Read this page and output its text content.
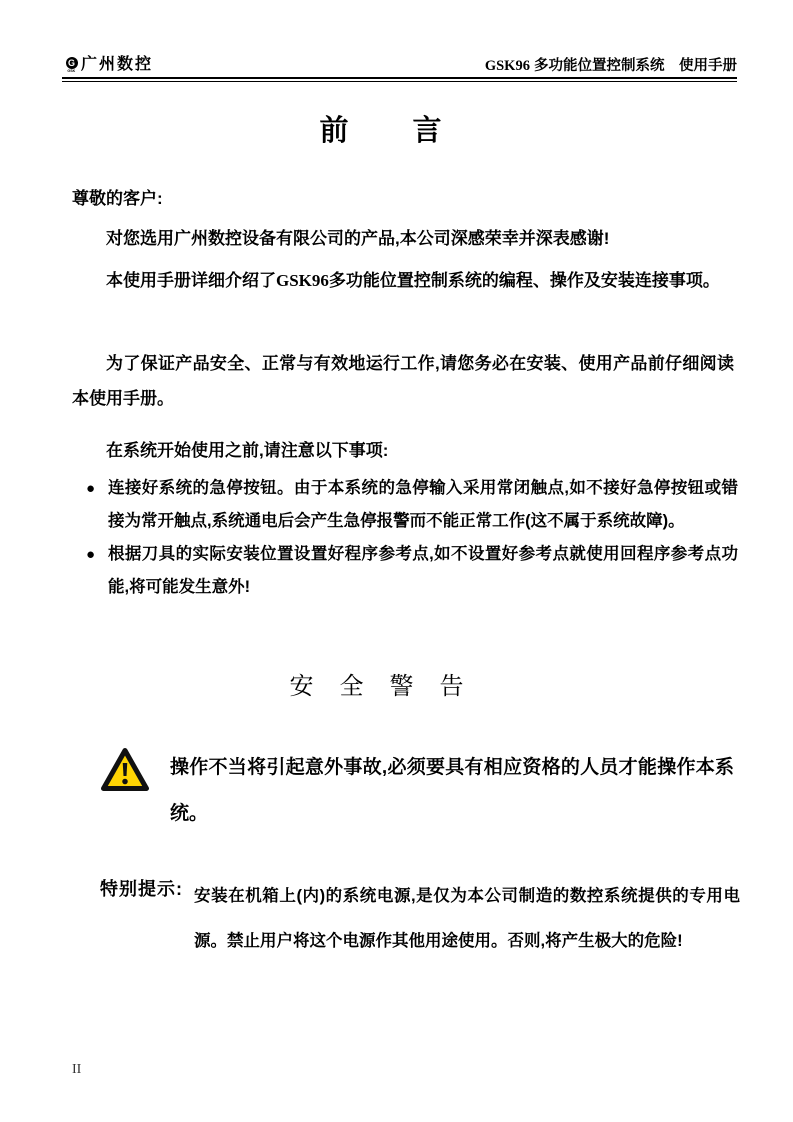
G
GSK 广州数控	GSK96 多功能位置控制系统　使用手册
前　　言
尊敬的客户:
对您选用广州数控设备有限公司的产品,本公司深感荣幸并深表感谢!
本使用手册详细介绍了GSK96多功能位置控制系统的编程、操作及安装连接事项。
为了保证产品安全、正常与有效地运行工作,请您务必在安装、使用产品前仔细阅读本使用手册。
在系统开始使用之前,请注意以下事项:
● 连接好系统的急停按钮。由于本系统的急停输入采用常闭触点,如不接好急停按钮或错接为常开触点,系统通电后会产生急停报警而不能正常工作(这不属于系统故障)。
● 根据刀具的实际安装位置设置好程序参考点,如不设置好参考点就使用回程序参考点功能,将可能发生意外!
安 全 警 告
操作不当将引起意外事故,必须要具有相应资格的人员才能操作本系统。
特别提示: 安装在机箱上(内)的系统电源,是仅为本公司制造的数控系统提供的专用电源。禁止用户将这个电源作其他用途使用。否则,将产生极大的危险!
II
